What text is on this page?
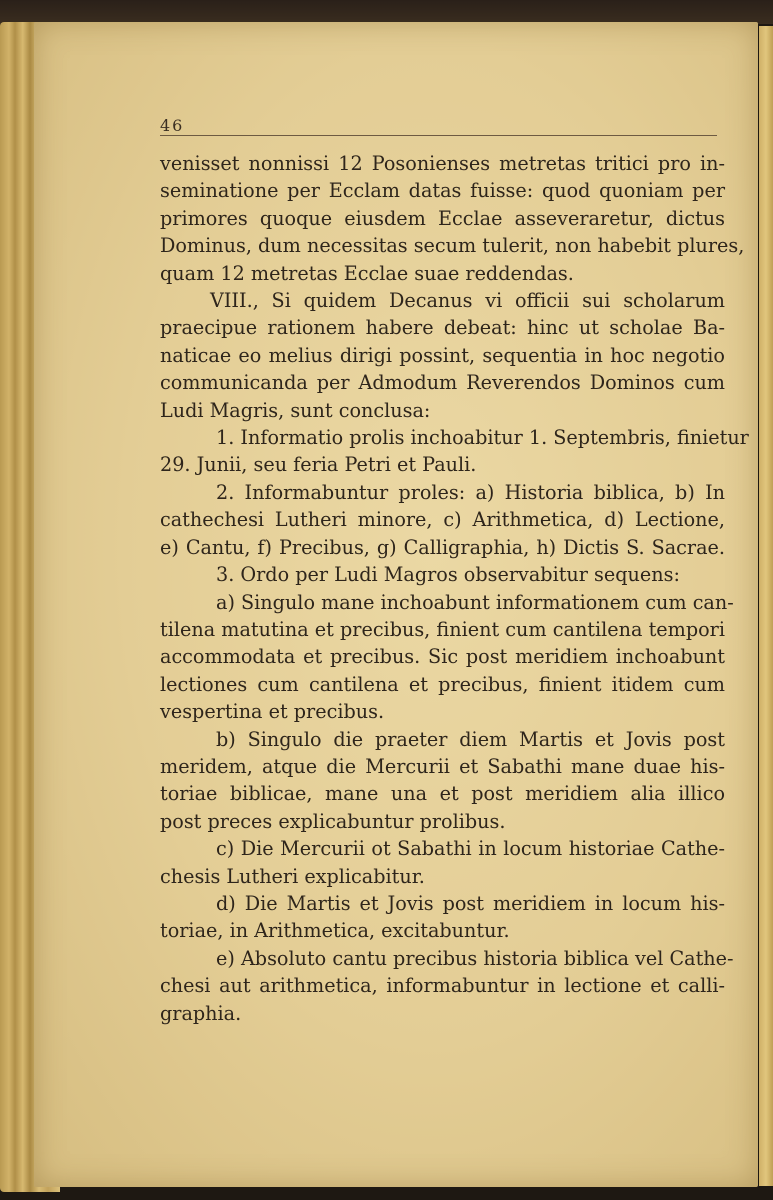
46

venisset nonnissi 12 Posonienses metretas tritici pro in-
seminatione per Ecclam datas fuisse: quod quoniam per
primores quoque eiusdem Ecclae asseveraretur, dictus
Dominus, dum necessitas secum tulerit, non habebit plures,
quam 12 metretas Ecclae suae reddendas.

VIII., Si quidem Decanus vi officii sui scholarum
praecipue rationem habere debeat: hinc ut scholae Ba-
naticae eo melius dirigi possint, sequentia in hoc negotio
communicanda per Admodum Reverendos Dominos cum
Ludi Magris, sunt conclusa:

1. Informatio prolis inchoabitur 1. Septembris, finietur
29. Junii, seu feria Petri et Pauli.

2. Informabuntur proles: a) Historia biblica, b) In
cathechesi Lutheri minore, c) Arithmetica, d) Lectione,
e) Cantu, f) Precibus, g) Calligraphia, h) Dictis S. Sacrae.

3. Ordo per Ludi Magros observabitur sequens:

a) Singulo mane inchoabunt informationem cum can-
tilena matutina et precibus, finient cum cantilena tempori
accommodata et precibus. Sic post meridiem inchoabunt
lectiones cum cantilena et precibus, finient itidem cum
vespertina et precibus.

b) Singulo die praeter diem Martis et Jovis post
meridem, atque die Mercurii et Sabathi mane duae his-
toriae biblicae, mane una et post meridiem alia illico
post preces explicabuntur prolibus.

c) Die Mercurii ot Sabathi in locum historiae Cathe-
chesis Lutheri explicabitur.

d) Die Martis et Jovis post meridiem in locum his-
toriae, in Arithmetica, excitabuntur.

e) Absoluto cantu precibus historia biblica vel Cathe-
chesi aut arithmetica, informabuntur in lectione et calli-
graphia.
